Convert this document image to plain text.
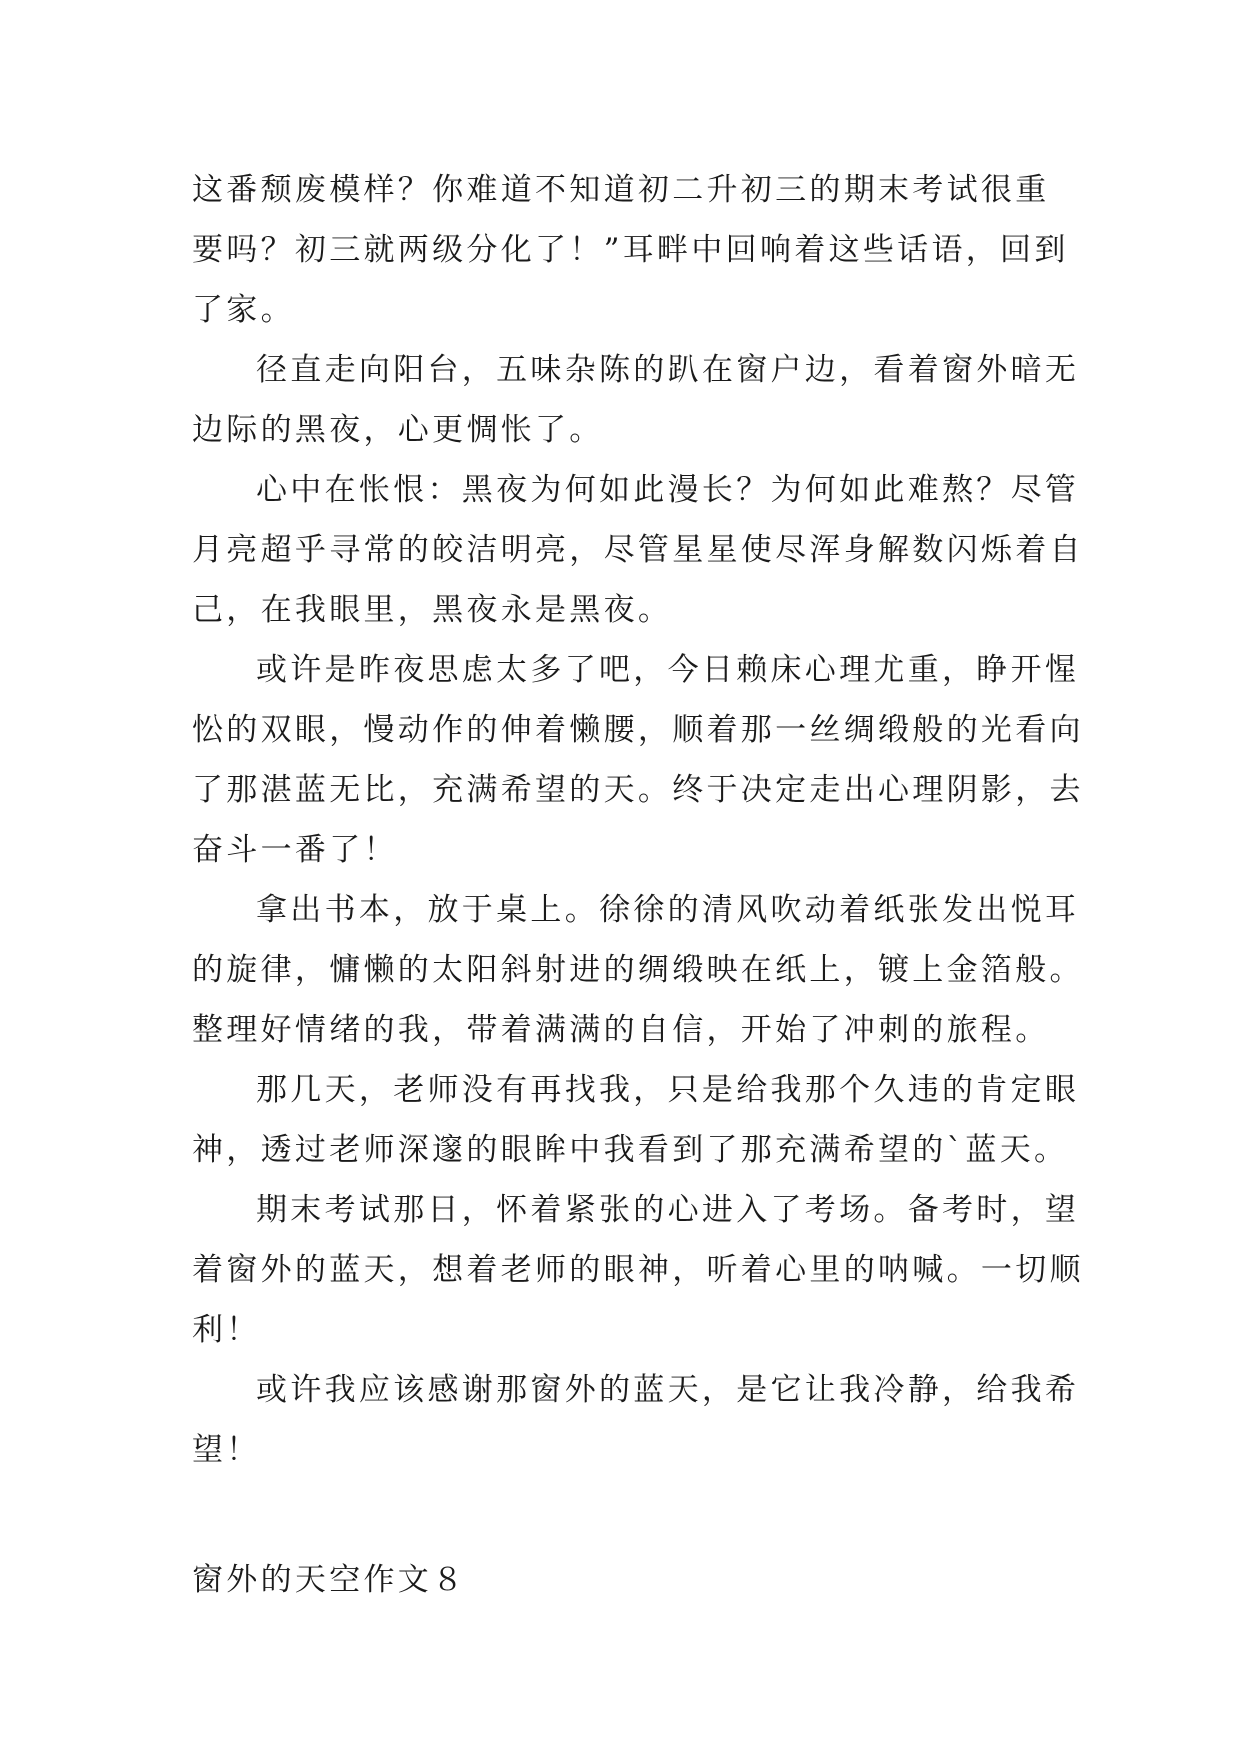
这番颓废模样？你难道不知道初二升初三的期末考试很重
要吗？初三就两级分化了！”耳畔中回响着这些话语，回到
了家。
径直走向阳台，五味杂陈的趴在窗户边，看着窗外暗无
边际的黑夜，心更惆怅了。
心中在怅恨：黑夜为何如此漫长？为何如此难熬？尽管
月亮超乎寻常的皎洁明亮，尽管星星使尽浑身解数闪烁着自
己，在我眼里，黑夜永是黑夜。
或许是昨夜思虑太多了吧，今日赖床心理尤重，睁开惺
忪的双眼，慢动作的伸着懒腰，顺着那一丝绸缎般的光看向
了那湛蓝无比，充满希望的天。终于决定走出心理阴影，去
奋斗一番了！
拿出书本，放于桌上。徐徐的清风吹动着纸张发出悦耳
的旋律，慵懒的太阳斜射进的绸缎映在纸上，镀上金箔般。
整理好情绪的我，带着满满的自信，开始了冲刺的旅程。
那几天，老师没有再找我，只是给我那个久违的肯定眼
神，透过老师深邃的眼眸中我看到了那充满希望的`蓝天。
期末考试那日，怀着紧张的心进入了考场。备考时，望
着窗外的蓝天，想着老师的眼神，听着心里的呐喊。一切顺
利！
或许我应该感谢那窗外的蓝天，是它让我冷静，给我希
望！
窗外的天空作文８
